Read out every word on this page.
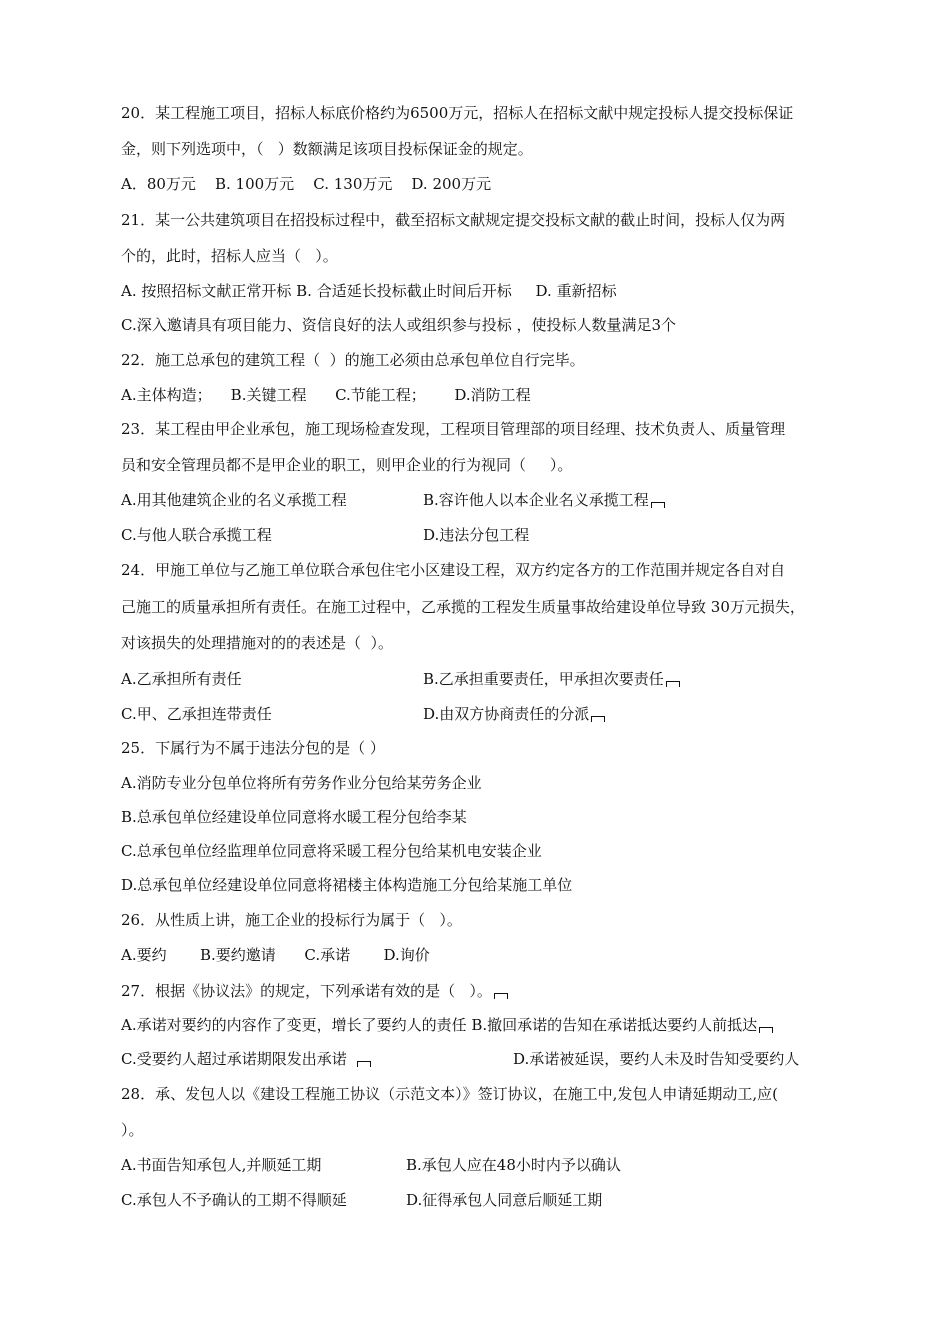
20．某工程施工项目，招标人标底价格约为6500万元，招标人在招标文献中规定投标人提交投标保证
金，则下列选项中，（   ）数额满足该项目投标保证金的规定。
A．80万元    B. 100万元    C. 130万元    D. 200万元
21．某一公共建筑项目在招投标过程中，截至招标文献规定提交投标文献的截止时间，投标人仅为两
个的，此时，招标人应当（   ）。
A. 按照招标文献正常开标 B. 合适延长投标截止时间后开标     D. 重新招标
C.深入邀请具有项目能力、资信良好的法人或组织参与投标 ，使投标人数量满足3个
22．施工总承包的建筑工程（  ）的施工必须由总承包单位自行完毕。
A.主体构造；    B.关键工程      C.节能工程；      D.消防工程
23．某工程由甲企业承包，施工现场检查发现，工程项目管理部的项目经理、技术负责人、质量管理
员和安全管理员都不是甲企业的职工，则甲企业的行为视同（     ）。
A.用其他建筑企业的名义承揽工程	B.容许他人以本企业名义承揽工程
C.与他人联合承揽工程	D.违法分包工程
24．甲施工单位与乙施工单位联合承包住宅小区建设工程，双方约定各方的工作范围并规定各自对自
己施工的质量承担所有责任。在施工过程中，乙承揽的工程发生质量事故给建设单位导致 30万元损失，
对该损失的处理措施对的的表述是（  ）。
A.乙承担所有责任	B.乙承担重要责任，甲承担次要责任
C.甲、乙承担连带责任	D.由双方协商责任的分派
25．下属行为不属于违法分包的是（ ）
A.消防专业分包单位将所有劳务作业分包给某劳务企业
B.总承包单位经建设单位同意将水暖工程分包给李某
C.总承包单位经监理单位同意将采暖工程分包给某机电安装企业
D.总承包单位经建设单位同意将裙楼主体构造施工分包给某施工单位
26．从性质上讲，施工企业的投标行为属于（   ）。
A.要约       B.要约邀请      C.承诺       D.询价
27．根据《协议法》的规定，下列承诺有效的是（   ）。
A.承诺对要约的内容作了变更，增长了要约人的责任 B.撤回承诺的告知在承诺抵达要约人前抵达
C.受要约人超过承诺期限发出承诺	D.承诺被延误，要约人未及时告知受要约人
28．承、发包人以《建设工程施工协议（示范文本）》签订协议，在施工中,发包人申请延期动工,应(
）。
A.书面告知承包人,并顺延工期	B.承包人应在48小时内予以确认
C.承包人不予确认的工期不得顺延	D.征得承包人同意后顺延工期
